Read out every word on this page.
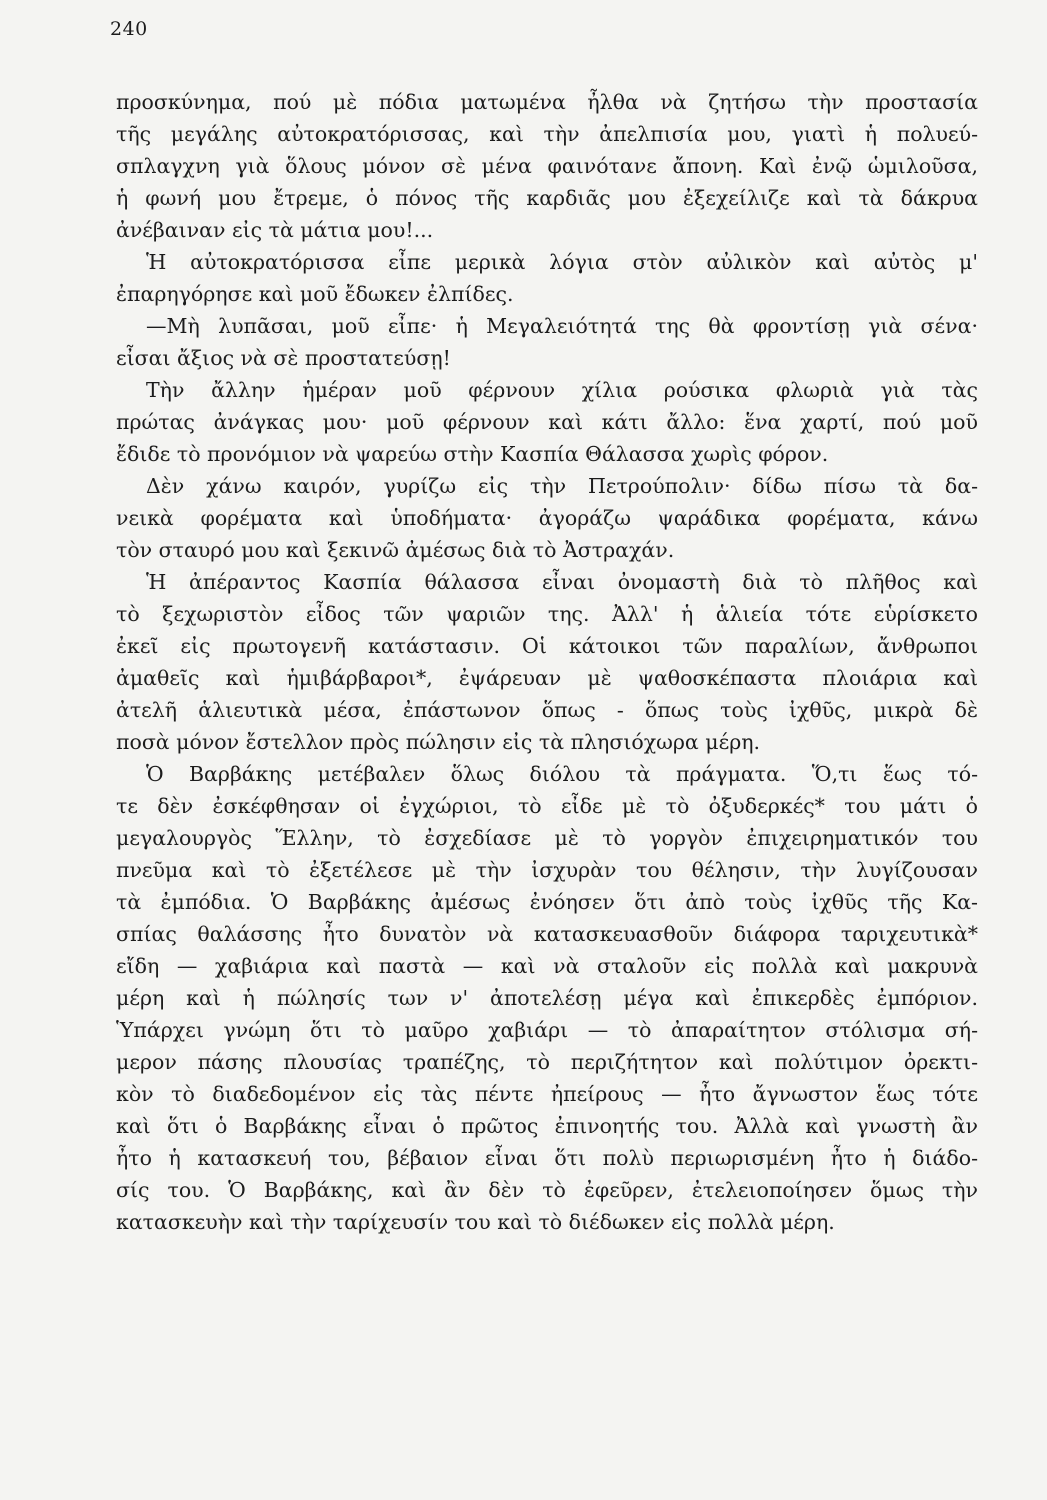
240
προσκύνημα, πού μὲ πόδια ματωμένα ἦλθα νὰ ζητήσω τὴν προστασία
τῆς μεγάλης αὐτοκρατόρισσας, καὶ τὴν ἀπελπισία μου, γιατὶ ἡ πολυεύ-
σπλαγχνη γιὰ ὅλους μόνον σὲ μένα φαινότανε ἄπονη. Καὶ ἐνῷ ὡμιλοῦσα,
ἡ φωνή μου ἔτρεμε, ὁ πόνος τῆς καρδιᾶς μου ἐξεχείλιζε καὶ τὰ δάκρυα
ἀνέβαιναν εἰς τὰ μάτια μου!...
Ἡ αὐτοκρατόρισσα εἶπε μερικὰ λόγια στὸν αὐλικὸν καὶ αὐτὸς μ'
ἐπαρηγόρησε καὶ μοῦ ἔδωκεν ἐλπίδες.
—Μὴ λυπᾶσαι, μοῦ εἶπε· ἡ Μεγαλειότητά της θὰ φροντίσῃ γιὰ σένα·
εἶσαι ἄξιος νὰ σὲ προστατεύσῃ!
Τὴν ἄλλην ἡμέραν μοῦ φέρνουν χίλια ρούσικα φλωριὰ γιὰ τὰς
πρώτας ἀνάγκας μου· μοῦ φέρνουν καὶ κάτι ἄλλο: ἕνα χαρτί, πού μοῦ
ἔδιδε τὸ προνόμιον νὰ ψαρεύω στὴν Κασπία Θάλασσα χωρὶς φόρον.
Δὲν χάνω καιρόν, γυρίζω εἰς τὴν Πετρούπολιν· δίδω πίσω τὰ δα-
νεικὰ φορέματα καὶ ὑποδήματα· ἀγοράζω ψαράδικα φορέματα, κάνω
τὸν σταυρό μου καὶ ξεκινῶ ἀμέσως διὰ τὸ Ἀστραχάν.
Ἡ ἀπέραντος Κασπία θάλασσα εἶναι ὀνομαστὴ διὰ τὸ πλῆθος καὶ
τὸ ξεχωριστὸν εἶδος τῶν ψαριῶν της. Ἀλλ' ἡ ἁλιεία τότε εὑρίσκετο
ἐκεῖ εἰς πρωτογενῆ κατάστασιν. Οἱ κάτοικοι τῶν παραλίων, ἄνθρωποι
ἀμαθεῖς καὶ ἡμιβάρβαροι*, ἐψάρευαν μὲ ψαθοσκέπαστα πλοιάρια καὶ
ἀτελῆ ἁλιευτικὰ μέσα, ἐπάστωνον ὅπως - ὅπως τοὺς ἰχθῦς, μικρὰ δὲ
ποσὰ μόνον ἔστελλον πρὸς πώλησιν εἰς τὰ πλησιόχωρα μέρη.
Ὁ Βαρβάκης μετέβαλεν ὅλως διόλου τὰ πράγματα. Ὅ,τι ἕως τό-
τε δὲν ἐσκέφθησαν οἱ ἐγχώριοι, τὸ εἶδε μὲ τὸ ὀξυδερκές* του μάτι ὁ
μεγαλουργὸς Ἕλλην, τὸ ἐσχεδίασε μὲ τὸ γοργὸν ἐπιχειρηματικόν του
πνεῦμα καὶ τὸ ἐξετέλεσε μὲ τὴν ἰσχυρὰν του θέλησιν, τὴν λυγίζουσαν
τὰ ἐμπόδια. Ὁ Βαρβάκης ἀμέσως ἐνόησεν ὅτι ἀπὸ τοὺς ἰχθῦς τῆς Κα-
σπίας θαλάσσης ἦτο δυνατὸν νὰ κατασκευασθοῦν διάφορα ταριχευτικὰ*
εἴδη — χαβιάρια καὶ παστὰ — καὶ νὰ σταλοῦν εἰς πολλὰ καὶ μακρυνὰ
μέρη καὶ ἡ πώλησίς των ν' ἀποτελέσῃ μέγα καὶ ἐπικερδὲς ἐμπόριον.
Ὑπάρχει γνώμη ὅτι τὸ μαῦρο χαβιάρι — τὸ ἀπαραίτητον στόλισμα σή-
μερον πάσης πλουσίας τραπέζης, τὸ περιζήτητον καὶ πολύτιμον ὀρεκτι-
κὸν τὸ διαδεδομένον εἰς τὰς πέντε ἠπείρους — ἦτο ἄγνωστον ἕως τότε
καὶ ὅτι ὁ Βαρβάκης εἶναι ὁ πρῶτος ἐπινοητής του. Ἀλλὰ καὶ γνωστὴ ἂν
ἦτο ἡ κατασκευή του, βέβαιον εἶναι ὅτι πολὺ περιωρισμένη ἦτο ἡ διάδο-
σίς του. Ὁ Βαρβάκης, καὶ ἂν δὲν τὸ ἐφεῦρεν, ἐτελειοποίησεν ὅμως τὴν
κατασκευὴν καὶ τὴν ταρίχευσίν του καὶ τὸ διέδωκεν εἰς πολλὰ μέρη.
